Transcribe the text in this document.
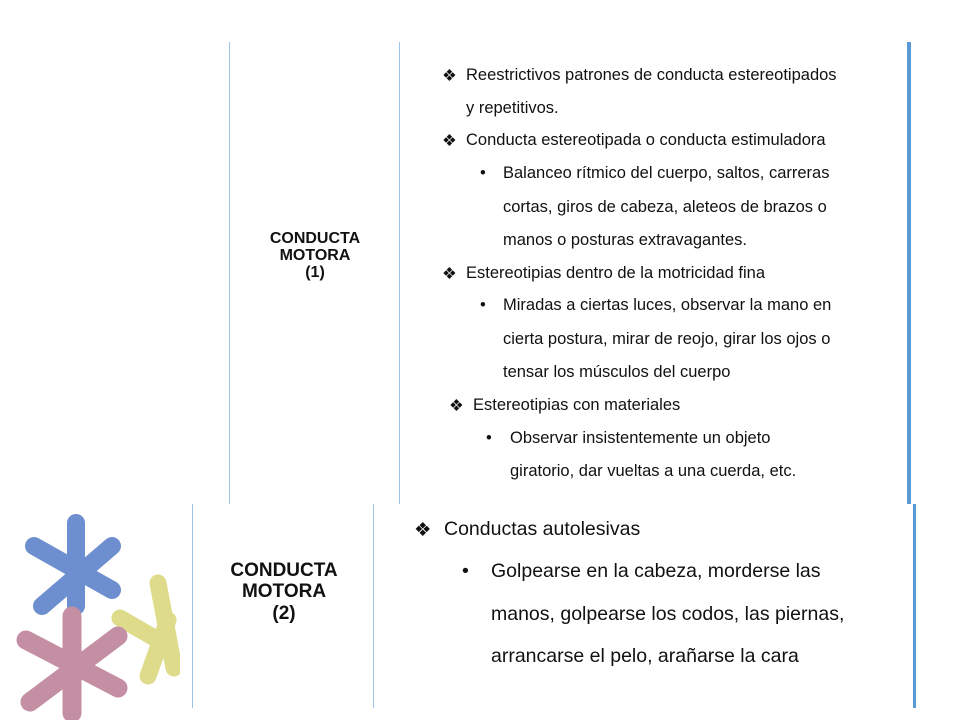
CONDUCTA
MOTORA
(1)
❖ Reestrictivos patrones de conducta estereotipados
y repetitivos.
❖ Conducta estereotipada o conducta estimuladora
• Balanceo rítmico del cuerpo, saltos, carreras
cortas, giros de cabeza, aleteos de brazos o
manos o posturas extravagantes.
❖ Estereotipias dentro de la motricidad fina
• Miradas a ciertas luces, observar la mano en
cierta postura, mirar de reojo, girar los ojos o
tensar los músculos del cuerpo
❖ Estereotipias con materiales
• Observar insistentemente un objeto
giratorio, dar vueltas a una cuerda, etc.
CONDUCTA
MOTORA
(2)
❖ Conductas autolesivas
• Golpearse en la cabeza, morderse las
manos, golpearse los codos, las piernas,
arrancarse el pelo, arañarse la cara
